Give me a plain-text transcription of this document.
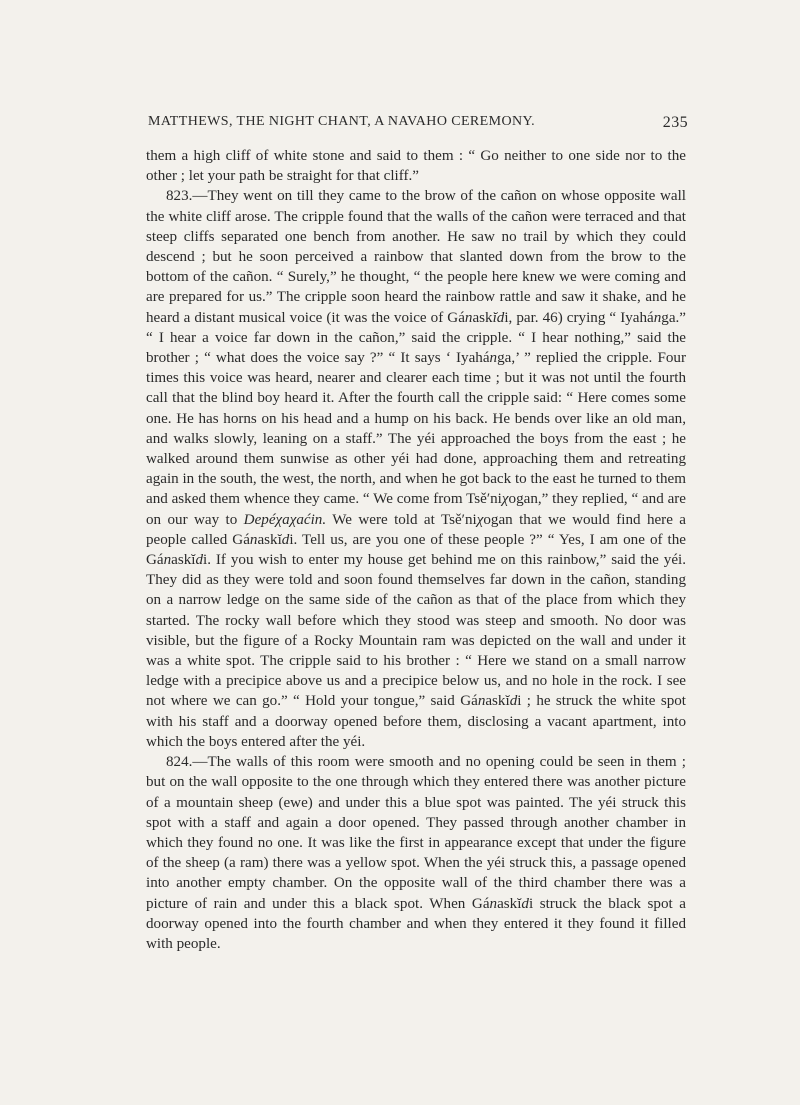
MATTHEWS, THE NIGHT CHANT, A NAVAHO CEREMONY.	235

them a high cliff of white stone and said to them : “ Go neither to one side nor to the other ; let your path be straight for that cliff.”

823.—They went on till they came to the brow of the cañon on whose opposite wall the white cliff arose. The cripple found that the walls of the cañon were terraced and that steep cliffs separated one bench from another. He saw no trail by which they could descend ; but he soon perceived a rainbow that slanted down from the brow to the bottom of the cañon. “ Surely,” he thought, “ the people here knew we were coming and are prepared for us.” The cripple soon heard the rainbow rattle and saw it shake, and he heard a distant musical voice (it was the voice of Gánaskĭdi, par. 46) crying “ Iyahánga.” “ I hear a voice far down in the cañon,” said the cripple. “ I hear nothing,” said the brother ; “ what does the voice say ?” “ It says ‘ Iyahánga,’ ” replied the cripple. Four times this voice was heard, nearer and clearer each time ; but it was not until the fourth call that the blind boy heard it. After the fourth call the cripple said: “ Here comes some one. He has horns on his head and a hump on his back. He bends over like an old man, and walks slowly, leaning on a staff.” The yéi approached the boys from the east ; he walked around them sunwise as other yéi had done, approaching them and retreating again in the south, the west, the north, and when he got back to the east he turned to them and asked them whence they came. “ We come from Tsě′niχogan,” they replied, “ and are on our way to Depéχaχaćin. We were told at Tsě′niχogan that we would find here a people called Gánaskĭdi. Tell us, are you one of these people ?” “ Yes, I am one of the Gánaskĭdi. If you wish to enter my house get behind me on this rainbow,” said the yéi. They did as they were told and soon found themselves far down in the cañon, standing on a narrow ledge on the same side of the cañon as that of the place from which they started. The rocky wall before which they stood was steep and smooth. No door was visible, but the figure of a Rocky Mountain ram was depicted on the wall and under it was a white spot. The cripple said to his brother : “ Here we stand on a small narrow ledge with a precipice above us and a precipice below us, and no hole in the rock. I see not where we can go.” “ Hold your tongue,” said Gánaskĭdi ; he struck the white spot with his staff and a doorway opened before them, disclosing a vacant apartment, into which the boys entered after the yéi.

824.—The walls of this room were smooth and no opening could be seen in them ; but on the wall opposite to the one through which they entered there was another picture of a mountain sheep (ewe) and under this a blue spot was painted. The yéi struck this spot with a staff and again a door opened. They passed through another chamber in which they found no one. It was like the first in appearance except that under the figure of the sheep (a ram) there was a yellow spot. When the yéi struck this, a passage opened into another empty chamber. On the opposite wall of the third chamber there was a picture of rain and under this a black spot. When Gánaskĭdi struck the black spot a doorway opened into the fourth chamber and when they entered it they found it filled with people.
